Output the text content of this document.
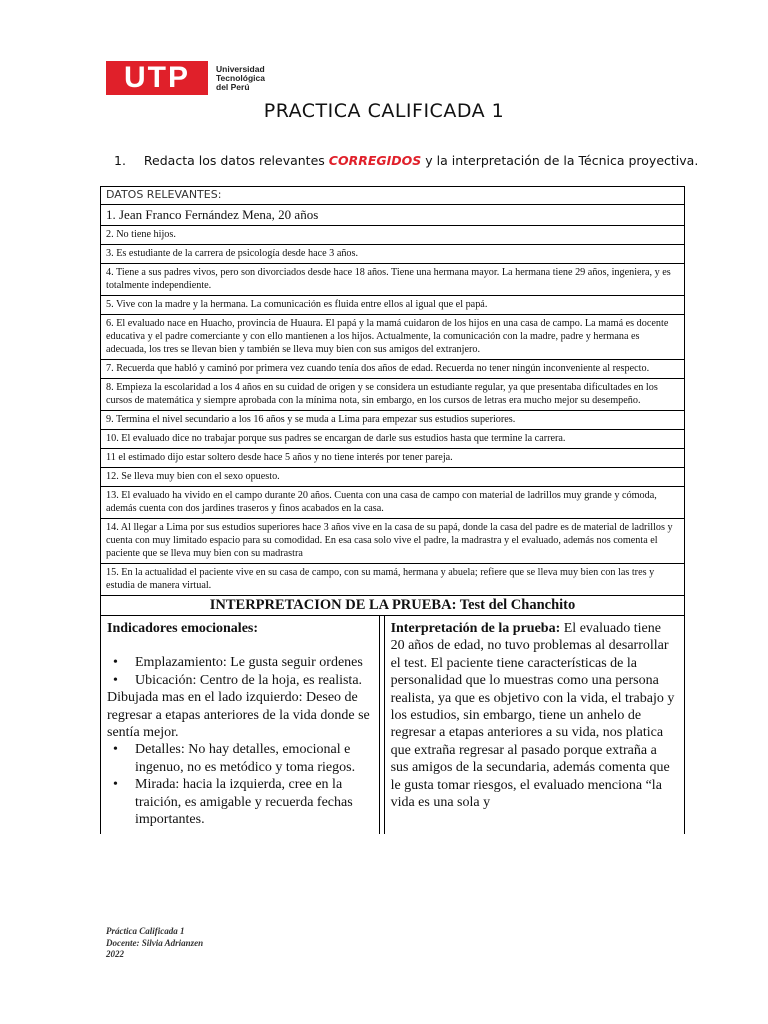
UTP	Universidad
Tecnológica
del Perú
PRACTICA CALIFICADA 1
1. Redacta los datos relevantes CORREGIDOS y la interpretación de la Técnica proyectiva.
DATOS RELEVANTES:
1. Jean Franco Fernández Mena, 20 años
2. No tiene hijos.
3. Es estudiante de la carrera de psicología desde hace 3 años.
4. Tiene a sus padres vivos, pero son divorciados desde hace 18 años. Tiene una hermana mayor. La hermana tiene 29 años, ingeniera, y es totalmente independiente.
5. Vive con la madre y la hermana. La comunicación es fluida entre ellos al igual que el papá.
6. El evaluado nace en Huacho, provincia de Huaura. El papá y la mamá cuidaron de los hijos en una casa de campo. La mamá es docente educativa y el padre comerciante y con ello mantienen a los hijos. Actualmente, la comunicación con la madre, padre y hermana es adecuada, los tres se llevan bien y también se lleva muy bien con sus amigos del extranjero.
7. Recuerda que habló y caminó por primera vez cuando tenía dos años de edad. Recuerda no tener ningún inconveniente al respecto.
8. Empieza la escolaridad a los 4 años en su cuidad de origen y se considera un estudiante regular, ya que presentaba dificultades en los cursos de matemática y siempre aprobada con la mínima nota, sin embargo, en los cursos de letras era mucho mejor su desempeño.
9. Termina el nivel secundario a los 16 años y se muda a Lima para empezar sus estudios superiores.
10. El evaluado dice no trabajar porque sus padres se encargan de darle sus estudios hasta que termine la carrera.
11 el estimado dijo estar soltero desde hace 5 años y no tiene interés por tener pareja.
12. Se lleva muy bien con el sexo opuesto.
13. El evaluado ha vivido en el campo durante 20 años. Cuenta con una casa de campo con material de ladrillos muy grande y cómoda, además cuenta con dos jardines traseros y finos acabados en la casa.
14. Al llegar a Lima por sus estudios superiores hace 3 años vive en la casa de su papá, donde la casa del padre es de material de ladrillos y cuenta con muy limitado espacio para su comodidad. En esa casa solo vive el padre, la madrastra y el evaluado, además nos comenta el paciente que se lleva muy bien con su madrastra
15. En la actualidad el paciente vive en su casa de campo, con su mamá, hermana y abuela; refiere que se lleva muy bien con las tres y estudia de manera virtual.
INTERPRETACION DE LA PRUEBA: Test del Chanchito
Indicadores emocionales:
•	Emplazamiento: Le gusta seguir ordenes
•	Ubicación: Centro de la hoja, es realista.
Dibujada mas en el lado izquierdo: Deseo de regresar a etapas anteriores de la vida donde se sentía mejor.
•	Detalles: No hay detalles, emocional e ingenuo, no es metódico y toma riegos.
•	Mirada: hacia la izquierda, cree en la traición, es amigable y recuerda fechas importantes.
Interpretación de la prueba: El evaluado tiene 20 años de edad, no tuvo problemas al desarrollar el test. El paciente tiene características de la personalidad que lo muestras como una persona realista, ya que es objetivo con la vida, el trabajo y los estudios, sin embargo, tiene un anhelo de regresar a etapas anteriores a su vida, nos platica que extraña regresar al pasado porque extraña a sus amigos de la secundaria, además comenta que le gusta tomar riesgos, el evaluado menciona “la vida es una sola y
Práctica Calificada 1
Docente: Silvia Adrianzen
2022
